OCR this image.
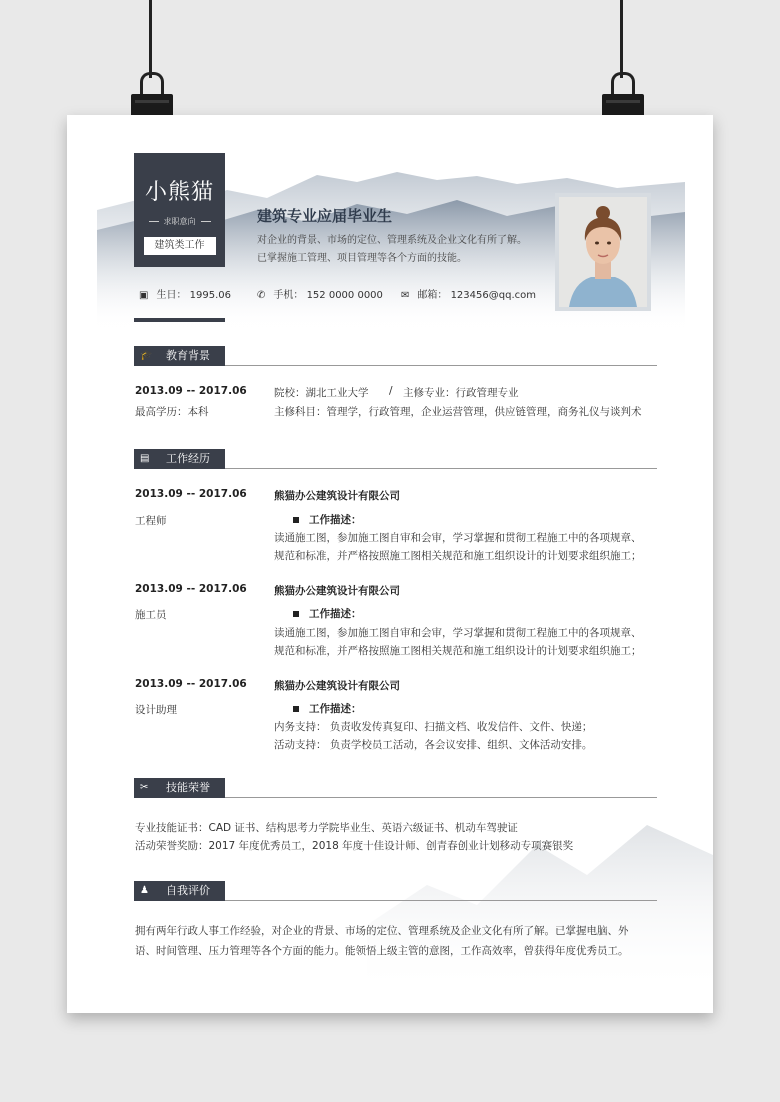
小熊猫
求职意向
建筑类工作
建筑专业应届毕业生
对企业的背景、市场的定位、管理系统及企业文化有所了解。已掌握施工管理、项目管理等各个方面的技能。
▣ 生日： 1995.06	✆ 手机： 152 0000 0000 ✉ 邮箱： 123456@qq.com
🎓 教育背景
2013.09 -- 2017.06
最高学历：本科
院校：湖北工业大学 / 主修专业：行政管理专业
主修科目：管理学，行政管理，企业运营管理，供应链管理，商务礼仪与谈判术
▤ 工作经历
2013.09 -- 2017.06
工程师
熊猫办公建筑设计有限公司
工作描述：
读通施工图，参加施工图自审和会审，学习掌握和贯彻工程施工中的各项规章、
规范和标准，并严格按照施工图相关规范和施工组织设计的计划要求组织施工；
2013.09 -- 2017.06
施工员
熊猫办公建筑设计有限公司
工作描述：
读通施工图，参加施工图自审和会审，学习掌握和贯彻工程施工中的各项规章、
规范和标准，并严格按照施工图相关规范和施工组织设计的计划要求组织施工；
2013.09 -- 2017.06
设计助理
熊猫办公建筑设计有限公司
工作描述：
内务支持： 负责收发传真复印、扫描文档、收发信件、文件、快递；
活动支持： 负责学校员工活动，各会议安排、组织、文体活动安排。
✂ 技能荣誉
专业技能证书：CAD 证书、结构思考力学院毕业生、英语六级证书、机动车驾驶证
活动荣誉奖励：2017 年度优秀员工，2018 年度十佳设计师、创青春创业计划移动专项赛银奖
♟ 自我评价
拥有两年行政人事工作经验，对企业的背景、市场的定位、管理系统及企业文化有所了解。已掌握电脑、外
语、时间管理、压力管理等各个方面的能力。能领悟上级主管的意图，工作高效率，曾获得年度优秀员工。
